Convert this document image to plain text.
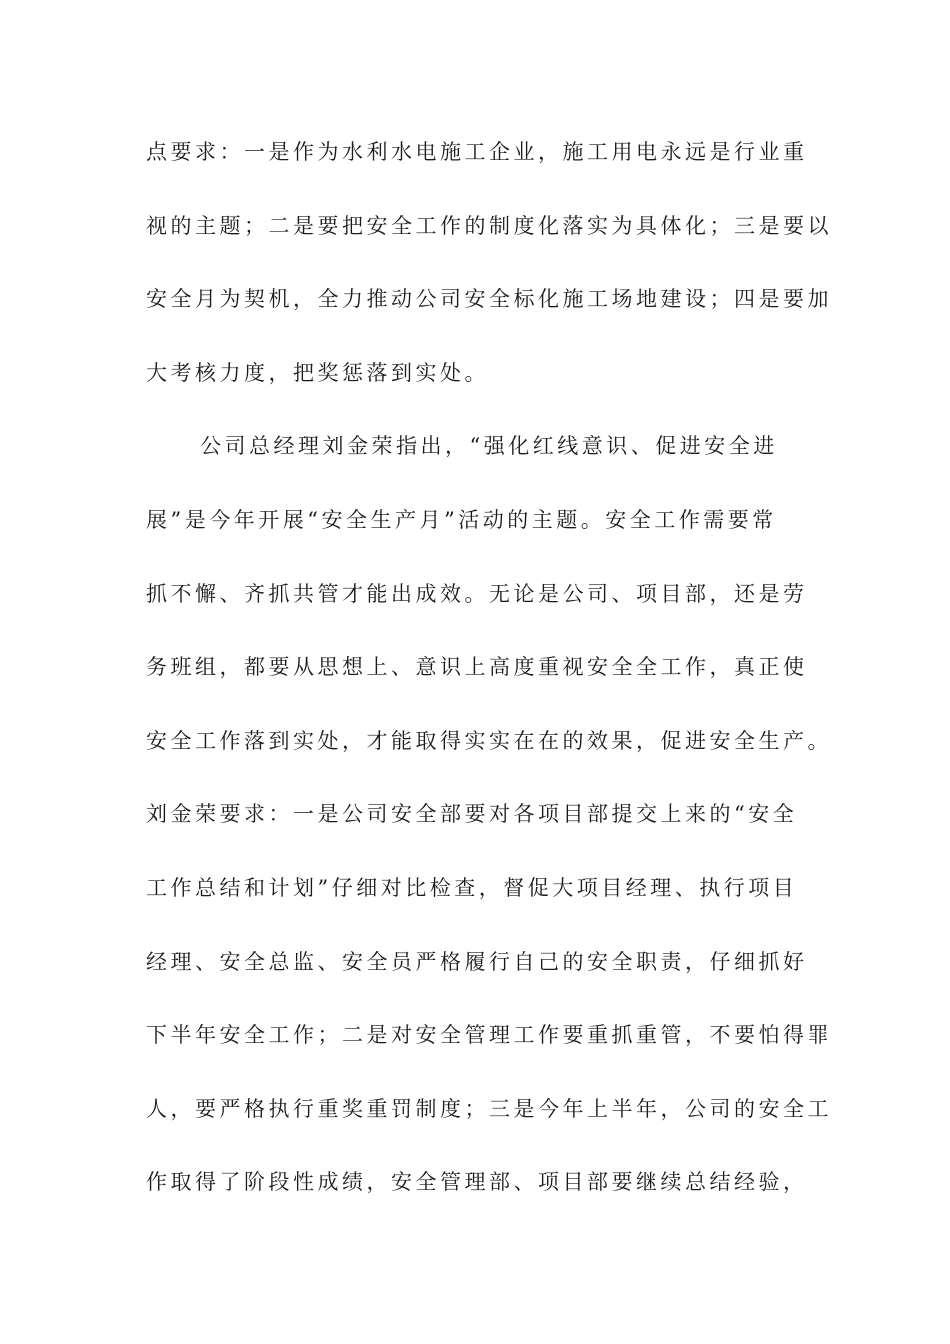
点要求：一是作为水利水电施工企业，施工用电永远是行业重
视的主题；二是要把安全工作的制度化落实为具体化；三是要以
安全月为契机，全力推动公司安全标化施工场地建设；四是要加
大考核力度，把奖惩落到实处。
公司总经理刘金荣指出，“强化红线意识、促进安全进
展”是今年开展“安全生产月”活动的主题。安全工作需要常
抓不懈、齐抓共管才能出成效。无论是公司、项目部，还是劳
务班组，都要从思想上、意识上高度重视安全全工作，真正使
安全工作落到实处，才能取得实实在在的效果，促进安全生产。
刘金荣要求：一是公司安全部要对各项目部提交上来的“安全
工作总结和计划”仔细对比检查，督促大项目经理、执行项目
经理、安全总监、安全员严格履行自己的安全职责，仔细抓好
下半年安全工作；二是对安全管理工作要重抓重管，不要怕得罪
人，要严格执行重奖重罚制度；三是今年上半年，公司的安全工
作取得了阶段性成绩，安全管理部、项目部要继续总结经验，
